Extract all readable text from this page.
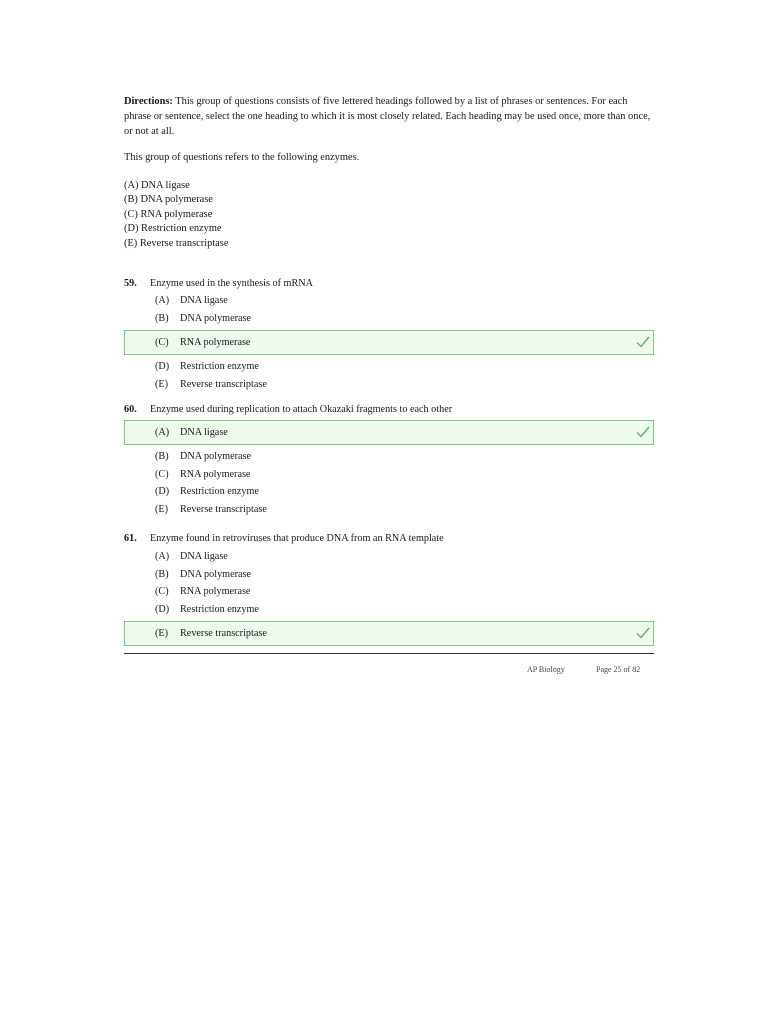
Directions: This group of questions consists of five lettered headings followed by a list of phrases or sentences. For each phrase or sentence, select the one heading to which it is most closely related. Each heading may be used once, more than once, or not at all.

This group of questions refers to the following enzymes.

(A) DNA ligase
(B) DNA polymerase
(C) RNA polymerase
(D) Restriction enzyme
(E) Reverse transcriptase
59.	Enzyme used in the synthesis of mRNA
(A)	DNA ligase
(B)	DNA polymerase
(C)	RNA polymerase
(D)	Restriction enzyme
(E)	Reverse transcriptase
60.	Enzyme used during replication to attach Okazaki fragments to each other
(A)	DNA ligase
(B)	DNA polymerase
(C)	RNA polymerase
(D)	Restriction enzyme
(E)	Reverse transcriptase
61.	Enzyme found in retroviruses that produce DNA from an RNA template
(A)	DNA ligase
(B)	DNA polymerase
(C)	RNA polymerase
(D)	Restriction enzyme
(E)	Reverse transcriptase
AP Biology	Page 25 of 82
